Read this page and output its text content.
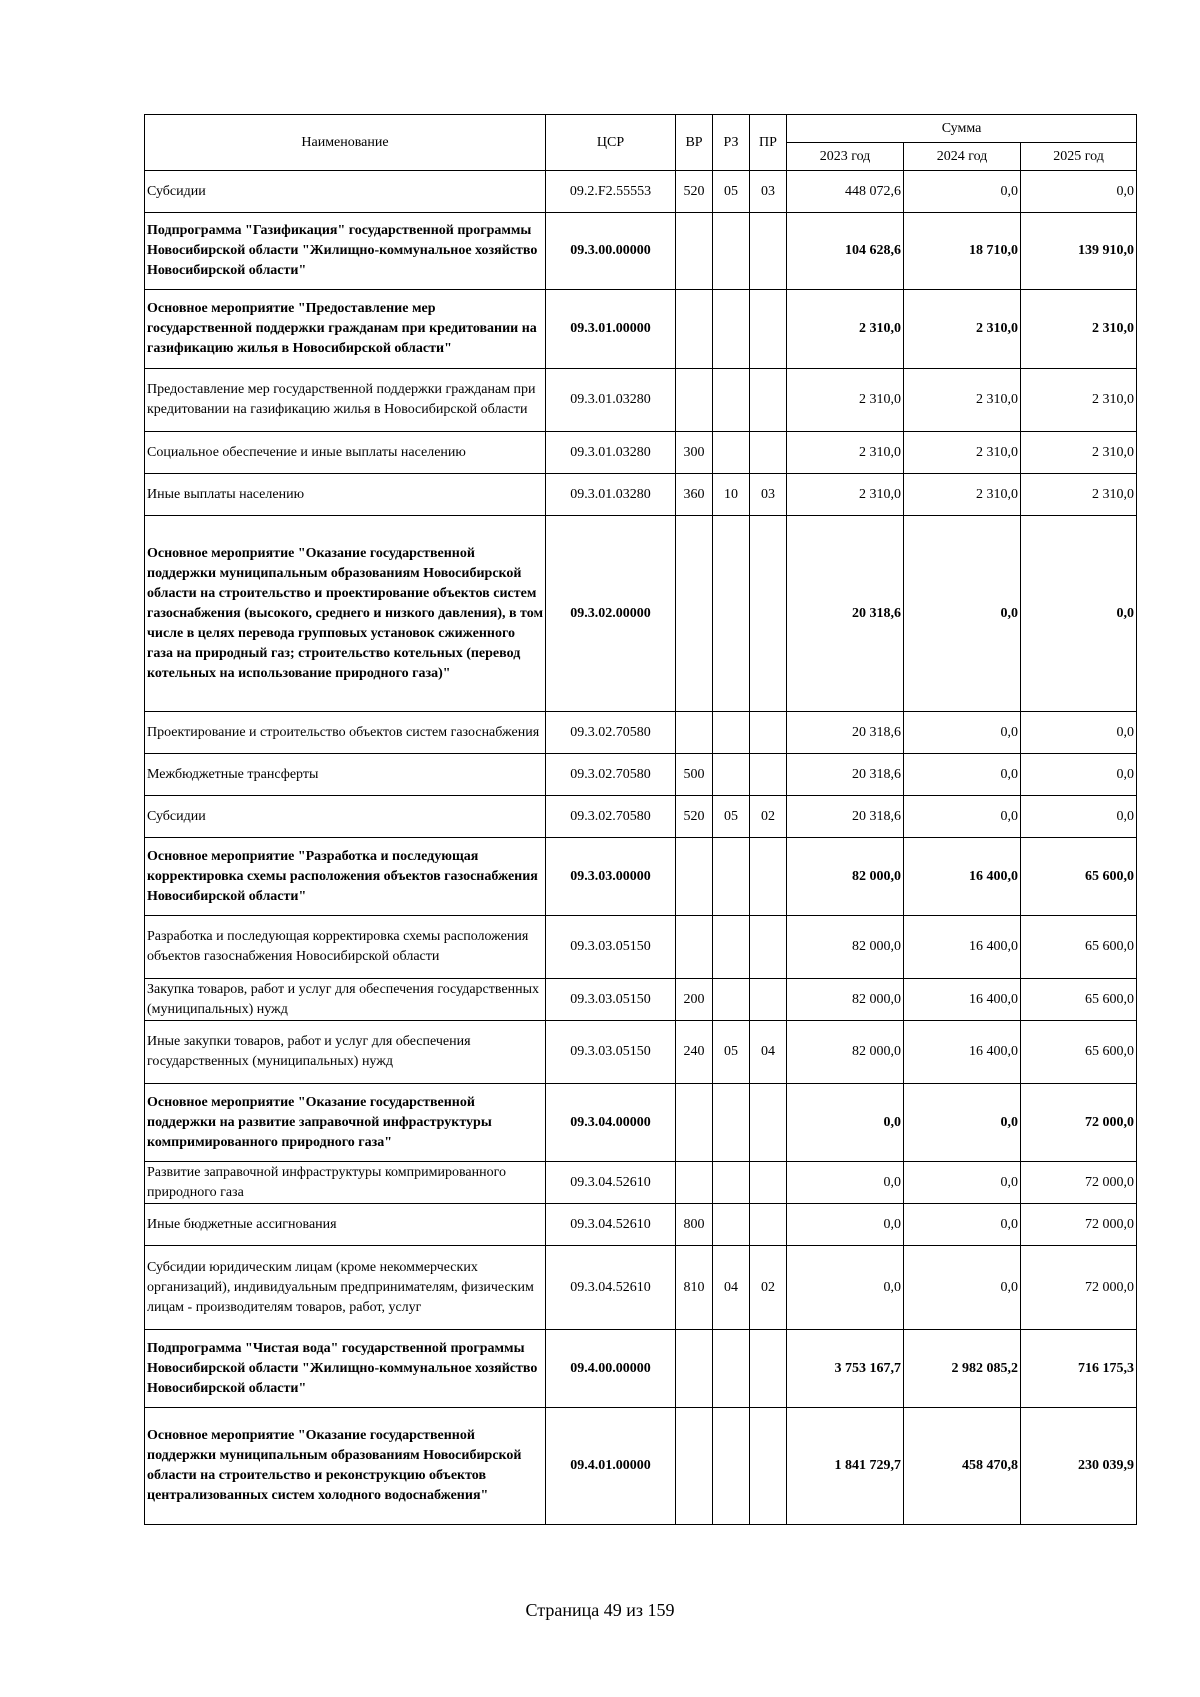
Наименование	ЦСР	ВР	РЗ	ПР	Сумма		
					2023 год	2024 год	2025 год
Субсидии	09.2.F2.55553	520	05	03	448 072,6	0,0	0,0
Подпрограмма "Газификация" государственной программы Новосибирской области "Жилищно-коммунальное хозяйство Новосибирской области"	09.3.00.00000				104 628,6	18 710,0	139 910,0
Основное мероприятие "Предоставление мер государственной поддержки гражданам при кредитовании на газификацию жилья в Новосибирской области"	09.3.01.00000				2 310,0	2 310,0	2 310,0
Предоставление мер государственной поддержки гражданам при кредитовании на газификацию жилья в Новосибирской области	09.3.01.03280				2 310,0	2 310,0	2 310,0
Социальное обеспечение и иные выплаты населению	09.3.01.03280	300			2 310,0	2 310,0	2 310,0
Иные выплаты населению	09.3.01.03280	360	10	03	2 310,0	2 310,0	2 310,0
Основное мероприятие "Оказание государственной поддержки муниципальным образованиям Новосибирской области на строительство и проектирование объектов систем газоснабжения (высокого, среднего и низкого давления), в том числе в целях перевода групповых установок сжиженного газа на природный газ; строительство котельных (перевод котельных на использование природного газа)"	09.3.02.00000				20 318,6	0,0	0,0
Проектирование и строительство объектов систем газоснабжения	09.3.02.70580				20 318,6	0,0	0,0
Межбюджетные трансферты	09.3.02.70580	500			20 318,6	0,0	0,0
Субсидии	09.3.02.70580	520	05	02	20 318,6	0,0	0,0
Основное мероприятие "Разработка и последующая корректировка схемы расположения объектов газоснабжения Новосибирской области"	09.3.03.00000				82 000,0	16 400,0	65 600,0
Разработка и последующая корректировка схемы расположения объектов газоснабжения Новосибирской области	09.3.03.05150				82 000,0	16 400,0	65 600,0
Закупка товаров, работ и услуг для обеспечения государственных (муниципальных) нужд	09.3.03.05150	200			82 000,0	16 400,0	65 600,0
Иные закупки товаров, работ и услуг для обеспечения государственных (муниципальных) нужд	09.3.03.05150	240	05	04	82 000,0	16 400,0	65 600,0
Основное мероприятие "Оказание государственной поддержки на развитие заправочной инфраструктуры компримированного природного газа"	09.3.04.00000				0,0	0,0	72 000,0
Развитие заправочной инфраструктуры компримированного природного газа	09.3.04.52610				0,0	0,0	72 000,0
Иные бюджетные ассигнования	09.3.04.52610	800			0,0	0,0	72 000,0
Субсидии юридическим лицам (кроме некоммерческих организаций), индивидуальным предпринимателям, физическим лицам - производителям товаров, работ, услуг	09.3.04.52610	810	04	02	0,0	0,0	72 000,0
Подпрограмма "Чистая вода" государственной программы Новосибирской области "Жилищно-коммунальное хозяйство Новосибирской области"	09.4.00.00000				3 753 167,7	2 982 085,2	716 175,3
Основное мероприятие "Оказание государственной поддержки муниципальным образованиям Новосибирской области на строительство и реконструкцию объектов централизованных систем холодного водоснабжения"	09.4.01.00000				1 841 729,7	458 470,8	230 039,9
Страница 49 из 159
